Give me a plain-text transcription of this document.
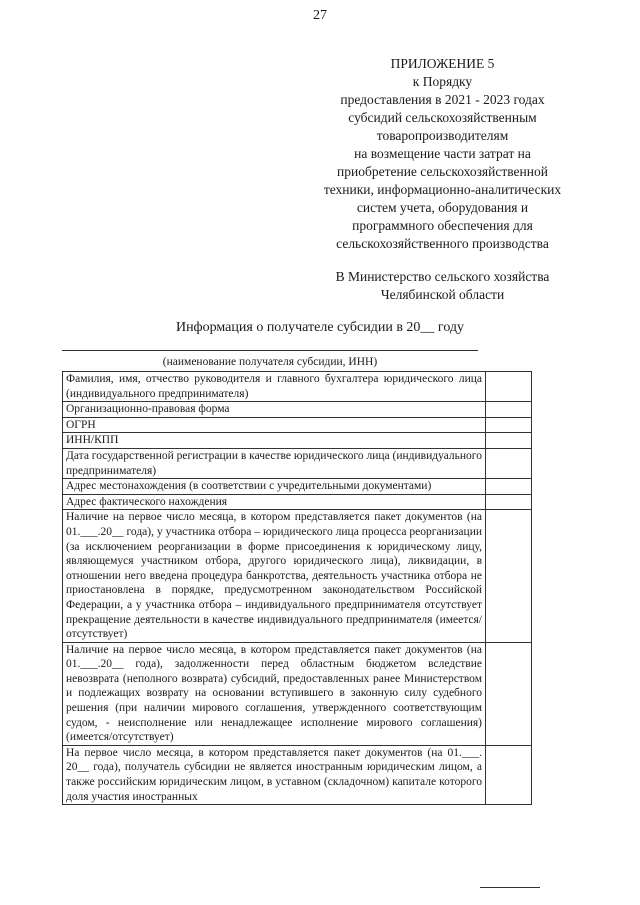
27
ПРИЛОЖЕНИЕ 5
к Порядку
предоставления в 2021 - 2023 годах
субсидий сельскохозяйственным
товаропроизводителям
на возмещение части затрат на
приобретение сельскохозяйственной
техники, информационно-аналитических
систем учета, оборудования и
программного обеспечения для
сельскохозяйственного производства
В Министерство сельского хозяйства
Челябинской области
Информация о получателе субсидии в 20__ году
(наименование получателя субсидии, ИНН)
Фамилия, имя, отчество руководителя и главного бухгалтера юридического лица (индивидуального предпринимателя)	
Организационно-правовая форма	
ОГРН	
ИНН/КПП	
Дата государственной регистрации в качестве юридического лица (индивидуального предпринимателя)	
Адрес местонахождения (в соответствии с учредительными документами)	
Адрес фактического нахождения	
Наличие на первое число месяца, в котором представляется пакет документов (на 01.___.20__ года), у участника отбора – юридического лица процесса реорганизации (за исключением реорганизации в форме присоединения к юридическому лицу, являющемуся участником отбора, другого юридического лица), ликвидации, в отношении него введена процедура банкротства, деятельность участника отбора не приостановлена в порядке, предусмотренном законодательством Российской Федерации, а у участника отбора – индивидуального предпринимателя отсутствует прекращение деятельности в качестве индивидуального предпринимателя (имеется/отсутствует)	
Наличие на первое число месяца, в котором представляется пакет документов (на 01.___.20__ года), задолженности перед областным бюджетом вследствие невозврата (неполного возврата) субсидий, предоставленных ранее Министерством и подлежащих возврату на основании вступившего в законную силу судебного решения (при наличии мирового соглашения, утвержденного соответствующим судом, - неисполнение или ненадлежащее исполнение мирового соглашения) (имеется/отсутствует)	
На первое число месяца, в котором представляется пакет документов (на 01.___. 20__ года), получатель субсидии не является иностранным юридическим лицом, а также российским юридическим лицом, в уставном (складочном) капитале которого доля участия иностранных	
